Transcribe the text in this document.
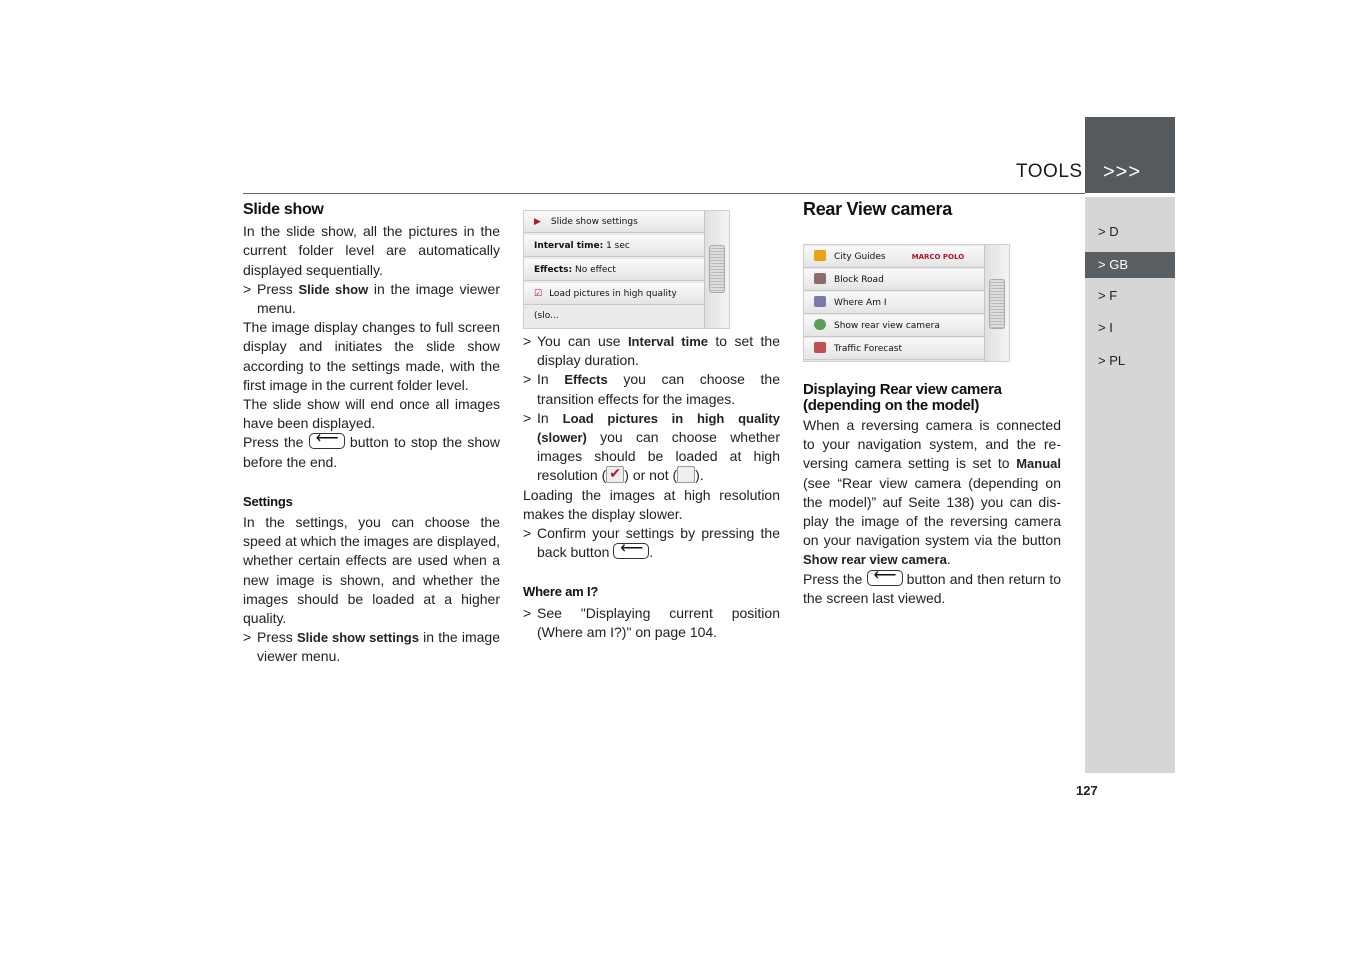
TOOLS >>>
> D
> GB
> F
> I
> PL
127
Slide show

In the slide show, all the pictures in the current folder level are automatically displayed sequentially.

> Press Slide show in the image viewer menu.

The image display changes to full screen display and initiates the slide show according to the settings made, with the first image in the current folder level.

The slide show will end once all images have been displayed.

Press the ⟵	button to stop the show before the end.

Settings

In the settings, you can choose the speed at which the images are displayed, whether certain effects are used when a new image is shown, and whether the images should be loaded at a higher quality.

> Press Slide show settings in the image viewer menu.
▶ Slide show settings
Interval time: 1 sec
Effects: No effect
☑ Load pictures in high quality (slo...
> You can use Interval time to set the display duration.
> In Effects you can choose the transition effects for the images.
> In Load pictures in high quality (slower) you can choose whether images should be loaded at high resolution ( ✔ ) or not ( ).

Loading the images at high resolution makes the display slower.

> Confirm your settings by pressing the back button ⟵	.
Where am I?
> See "Displaying current position (Where am I?)" on page 104.
Rear View camera
City Guides	MARCO POLO
Block Road
Where Am I
Show rear view camera
Traffic Forecast
Displaying Rear view camera (depending on the model)

When a reversing camera is connected to your navigation system, and the re-versing camera setting is set to Manual (see “Rear view camera (depending on the model)” auf Seite 138) you can dis-play the image of the reversing camera on your navigation system via the button Show rear view camera.

Press the ⟵	button and then return to the screen last viewed.
